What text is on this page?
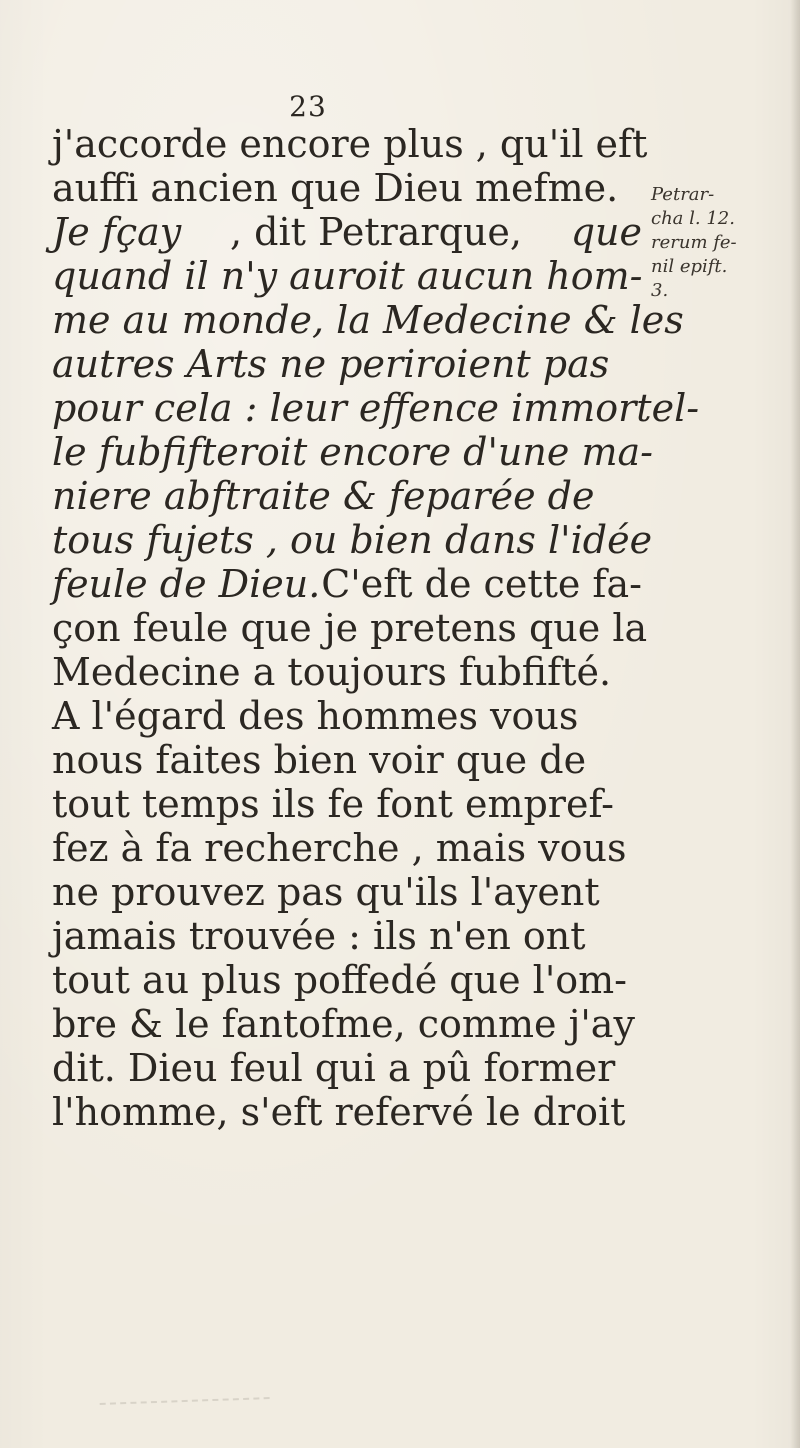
23
j'accorde encore plus , qu'il eft
auffi ancien que Dieu mefme.
Je fçay , dit Petrarque, que
quand il n'y auroit aucun hom-
me au monde, la Medecine & les
autres Arts ne periroient pas
pour cela : leur effence immortel-
le fubfifteroit encore d'une ma-
niere abftraite & feparée de
tous fujets , ou bien dans l'idée
feule de Dieu. C'eft de cette fa-
çon feule que je pretens que la
Medecine a toujours fubfifté.
A l'égard des hommes vous
nous faites bien voir que de
tout temps ils fe font empref-
fez à fa recherche , mais vous
ne prouvez pas qu'ils l'ayent
jamais trouvée : ils n'en ont
tout au plus poffedé que l'om-
bre & le fantofme, comme j'ay
dit. Dieu feul qui a pû former
l'homme, s'eft refervé le droit
Petrar-
cha l. 12.
rerum fe-
nil epift.
3.
